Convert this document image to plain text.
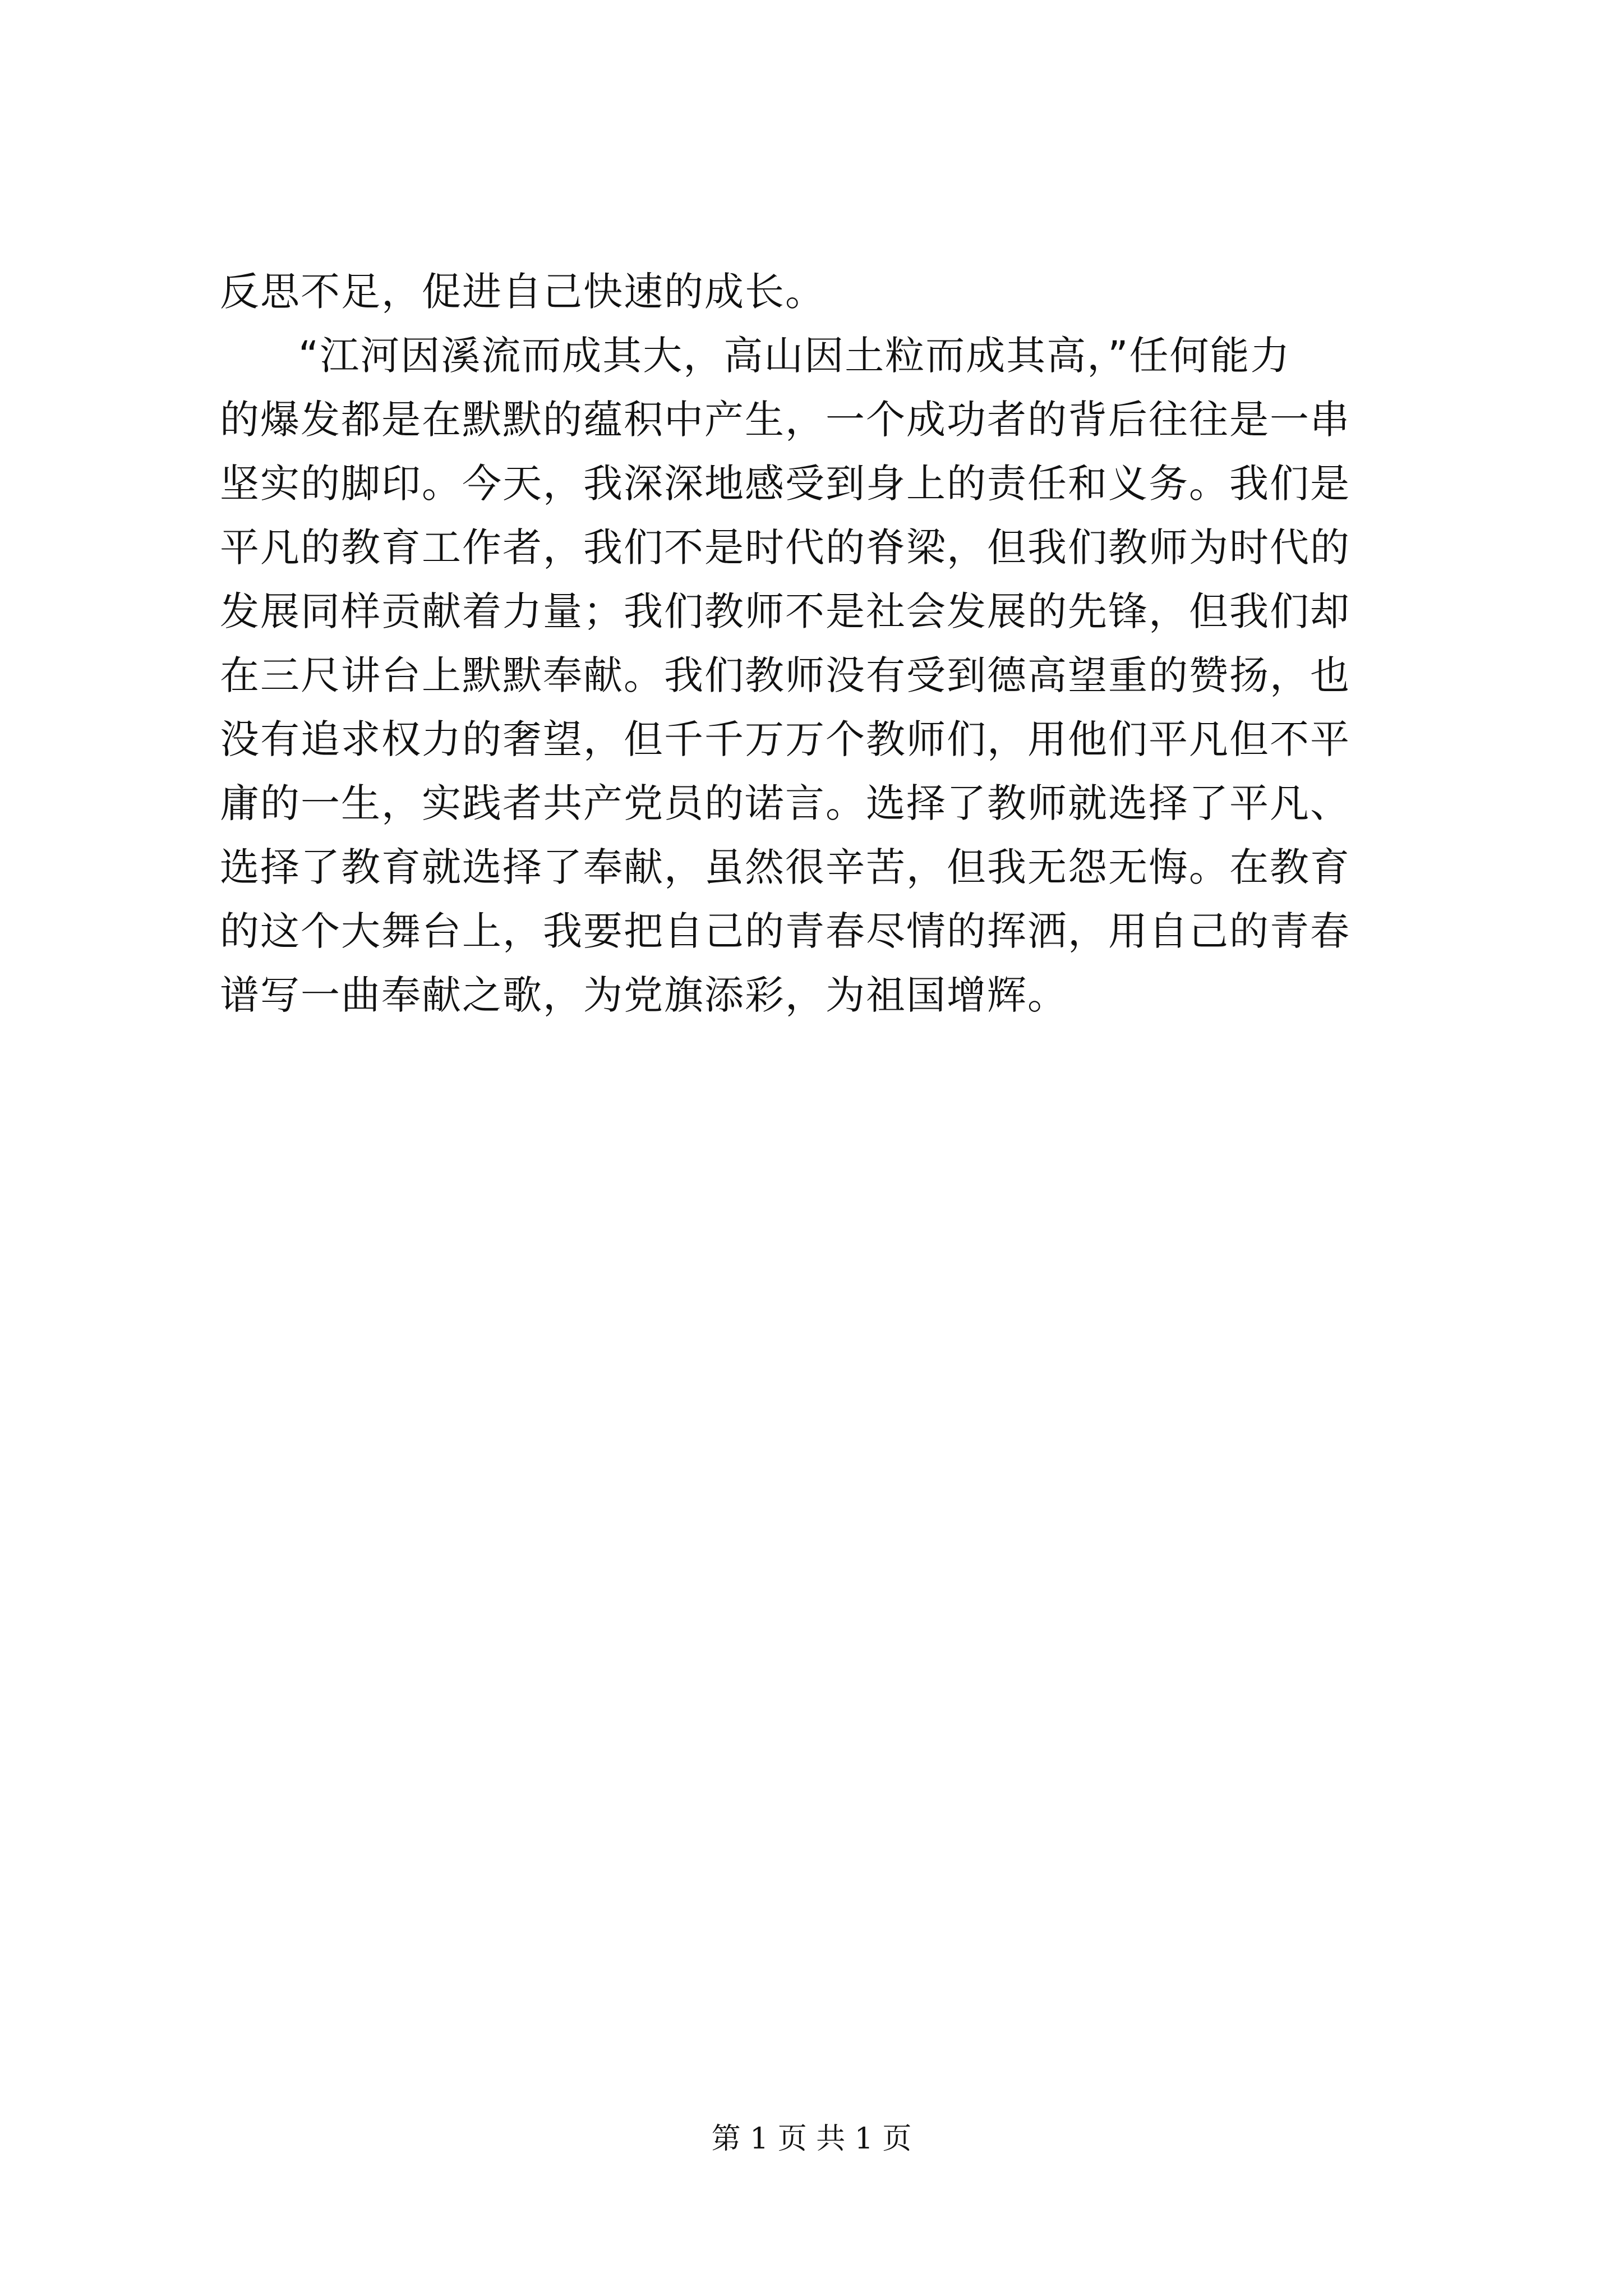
反思不足，促进自己快速的成长。
“江河因溪流而成其大，高山因土粒而成其高，”任何能力
的爆发都是在默默的蕴积中产生，一个成功者的背后往往是一串
坚实的脚印。今天，我深深地感受到身上的责任和义务。我们是
平凡的教育工作者，我们不是时代的脊梁，但我们教师为时代的
发展同样贡献着力量；我们教师不是社会发展的先锋，但我们却
在三尺讲台上默默奉献。我们教师没有受到德高望重的赞扬，也
没有追求权力的奢望，但千千万万个教师们，用他们平凡但不平
庸的一生，实践者共产党员的诺言。选择了教师就选择了平凡、
选择了教育就选择了奉献，虽然很辛苦，但我无怨无悔。在教育
的这个大舞台上，我要把自己的青春尽情的挥洒，用自己的青春
谱写一曲奉献之歌，为党旗添彩，为祖国增辉。
第 1 页 共 1 页
